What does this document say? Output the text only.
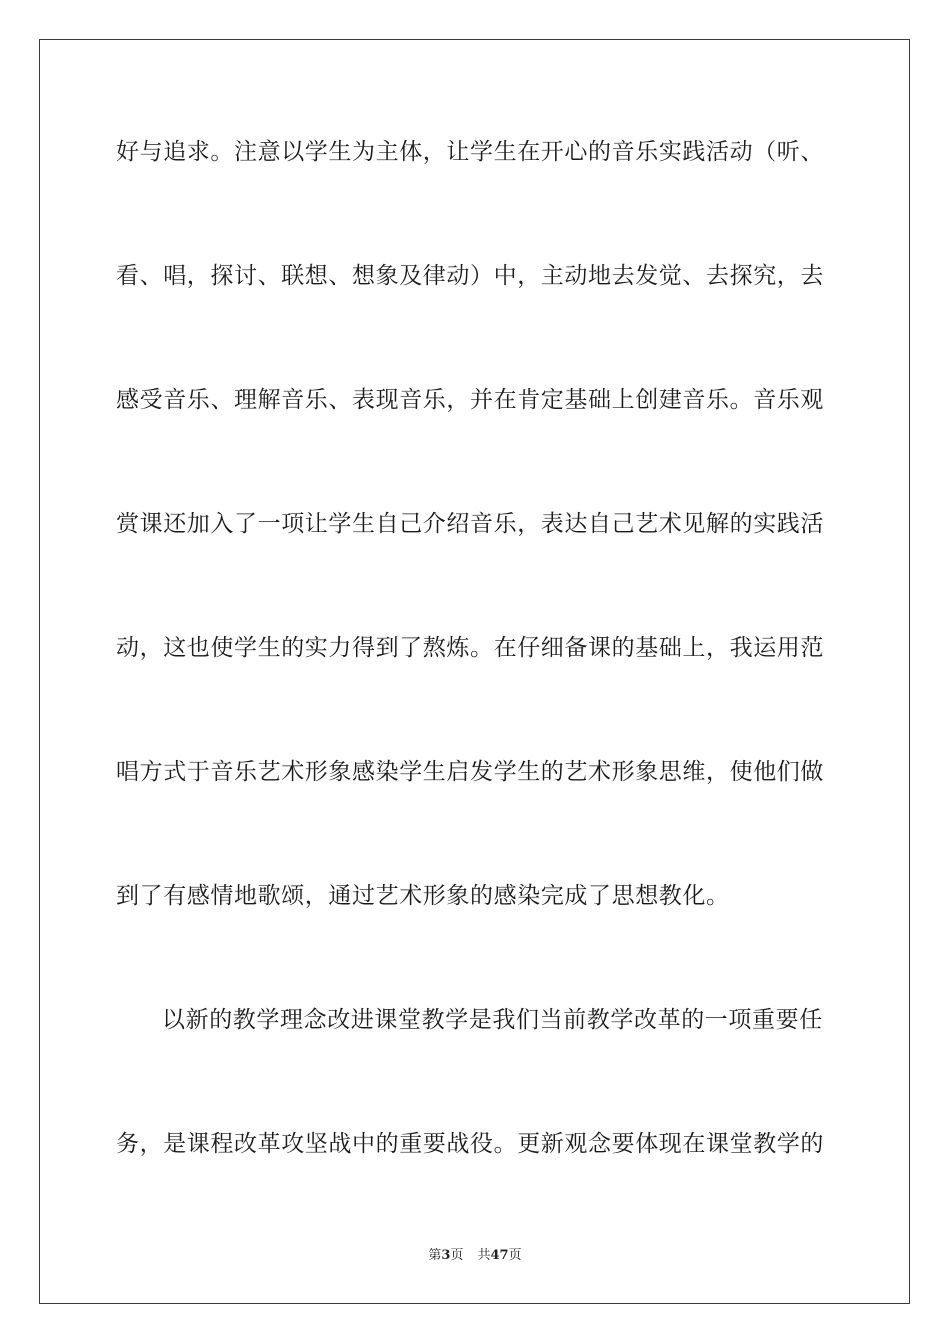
好与追求。注意以学生为主体，让学生在开心的音乐实践活动（听、
看、唱，探讨、联想、想象及律动）中，主动地去发觉、去探究，去
感受音乐、理解音乐、表现音乐，并在肯定基础上创建音乐。音乐观
赏课还加入了一项让学生自己介绍音乐，表达自己艺术见解的实践活
动，这也使学生的实力得到了熬炼。在仔细备课的基础上，我运用范
唱方式于音乐艺术形象感染学生启发学生的艺术形象思维，使他们做
到了有感情地歌颂，通过艺术形象的感染完成了思想教化。
以新的教学理念改进课堂教学是我们当前教学改革的一项重要任
务，是课程改革攻坚战中的重要战役。更新观念要体现在课堂教学的
第3页 共47页
